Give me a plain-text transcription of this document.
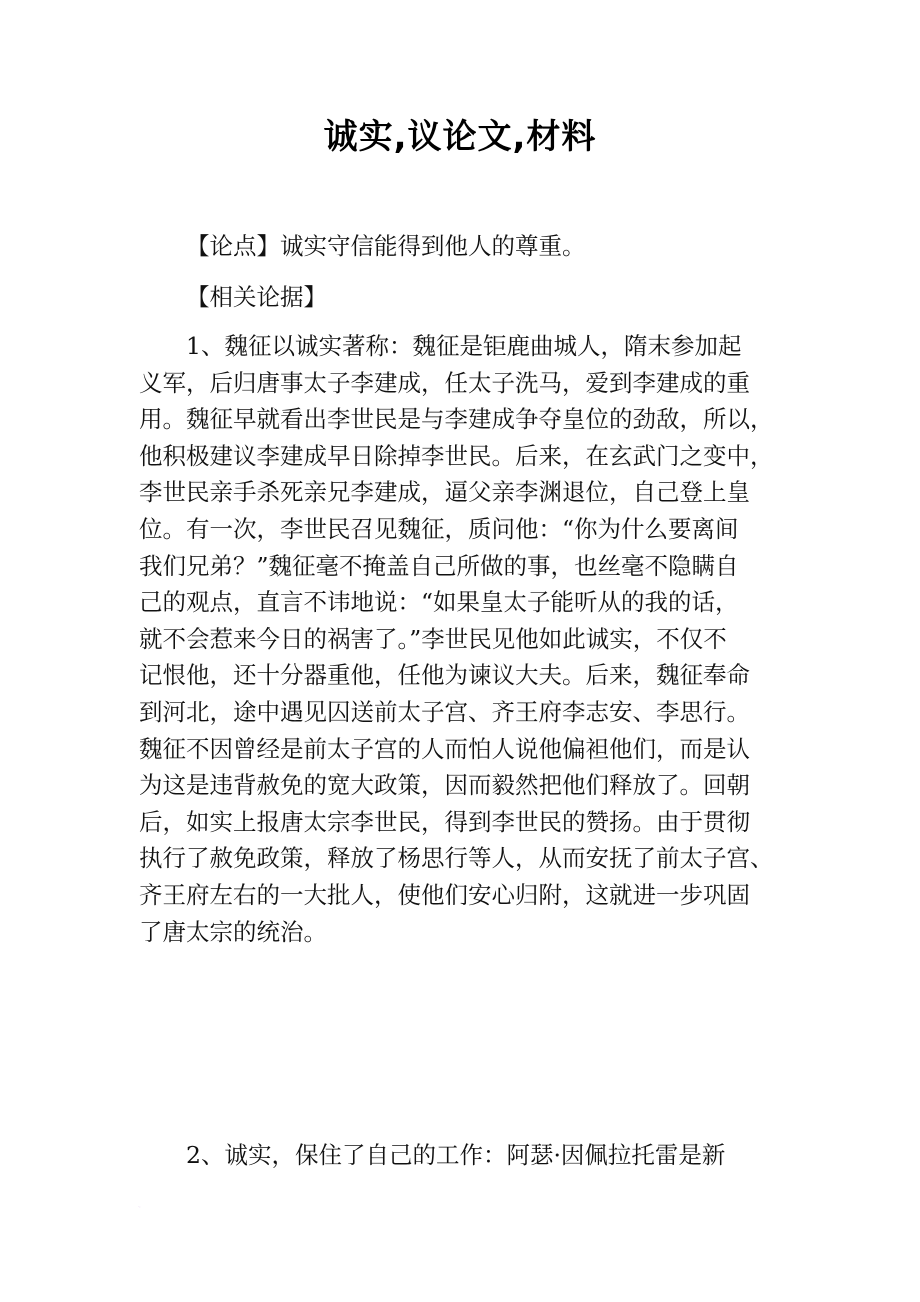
诚实,议论文,材料
【论点】诚实守信能得到他人的尊重。
【相关论据】
1、魏征以诚实著称：魏征是钜鹿曲城人，隋末参加起
义军，后归唐事太子李建成，任太子洗马，爱到李建成的重
用。魏征早就看出李世民是与李建成争夺皇位的劲敌，所以，
他积极建议李建成早日除掉李世民。后来，在玄武门之变中，
李世民亲手杀死亲兄李建成，逼父亲李渊退位，自己登上皇
位。有一次，李世民召见魏征，质问他：“你为什么要离间
我们兄弟？”魏征毫不掩盖自己所做的事，也丝毫不隐瞒自
己的观点，直言不讳地说：“如果皇太子能听从的我的话，
就不会惹来今日的祸害了。”李世民见他如此诚实，不仅不
记恨他，还十分器重他，任他为谏议大夫。后来，魏征奉命
到河北，途中遇见囚送前太子宫、齐王府李志安、李思行。
魏征不因曾经是前太子宫的人而怕人说他偏袒他们，而是认
为这是违背赦免的宽大政策，因而毅然把他们释放了。回朝
后，如实上报唐太宗李世民，得到李世民的赞扬。由于贯彻
执行了赦免政策，释放了杨思行等人，从而安抚了前太子宫、
齐王府左右的一大批人，使他们安心归附，这就进一步巩固
了唐太宗的统治。
2、诚实，保住了自己的工作：阿瑟·因佩拉托雷是新
·:
